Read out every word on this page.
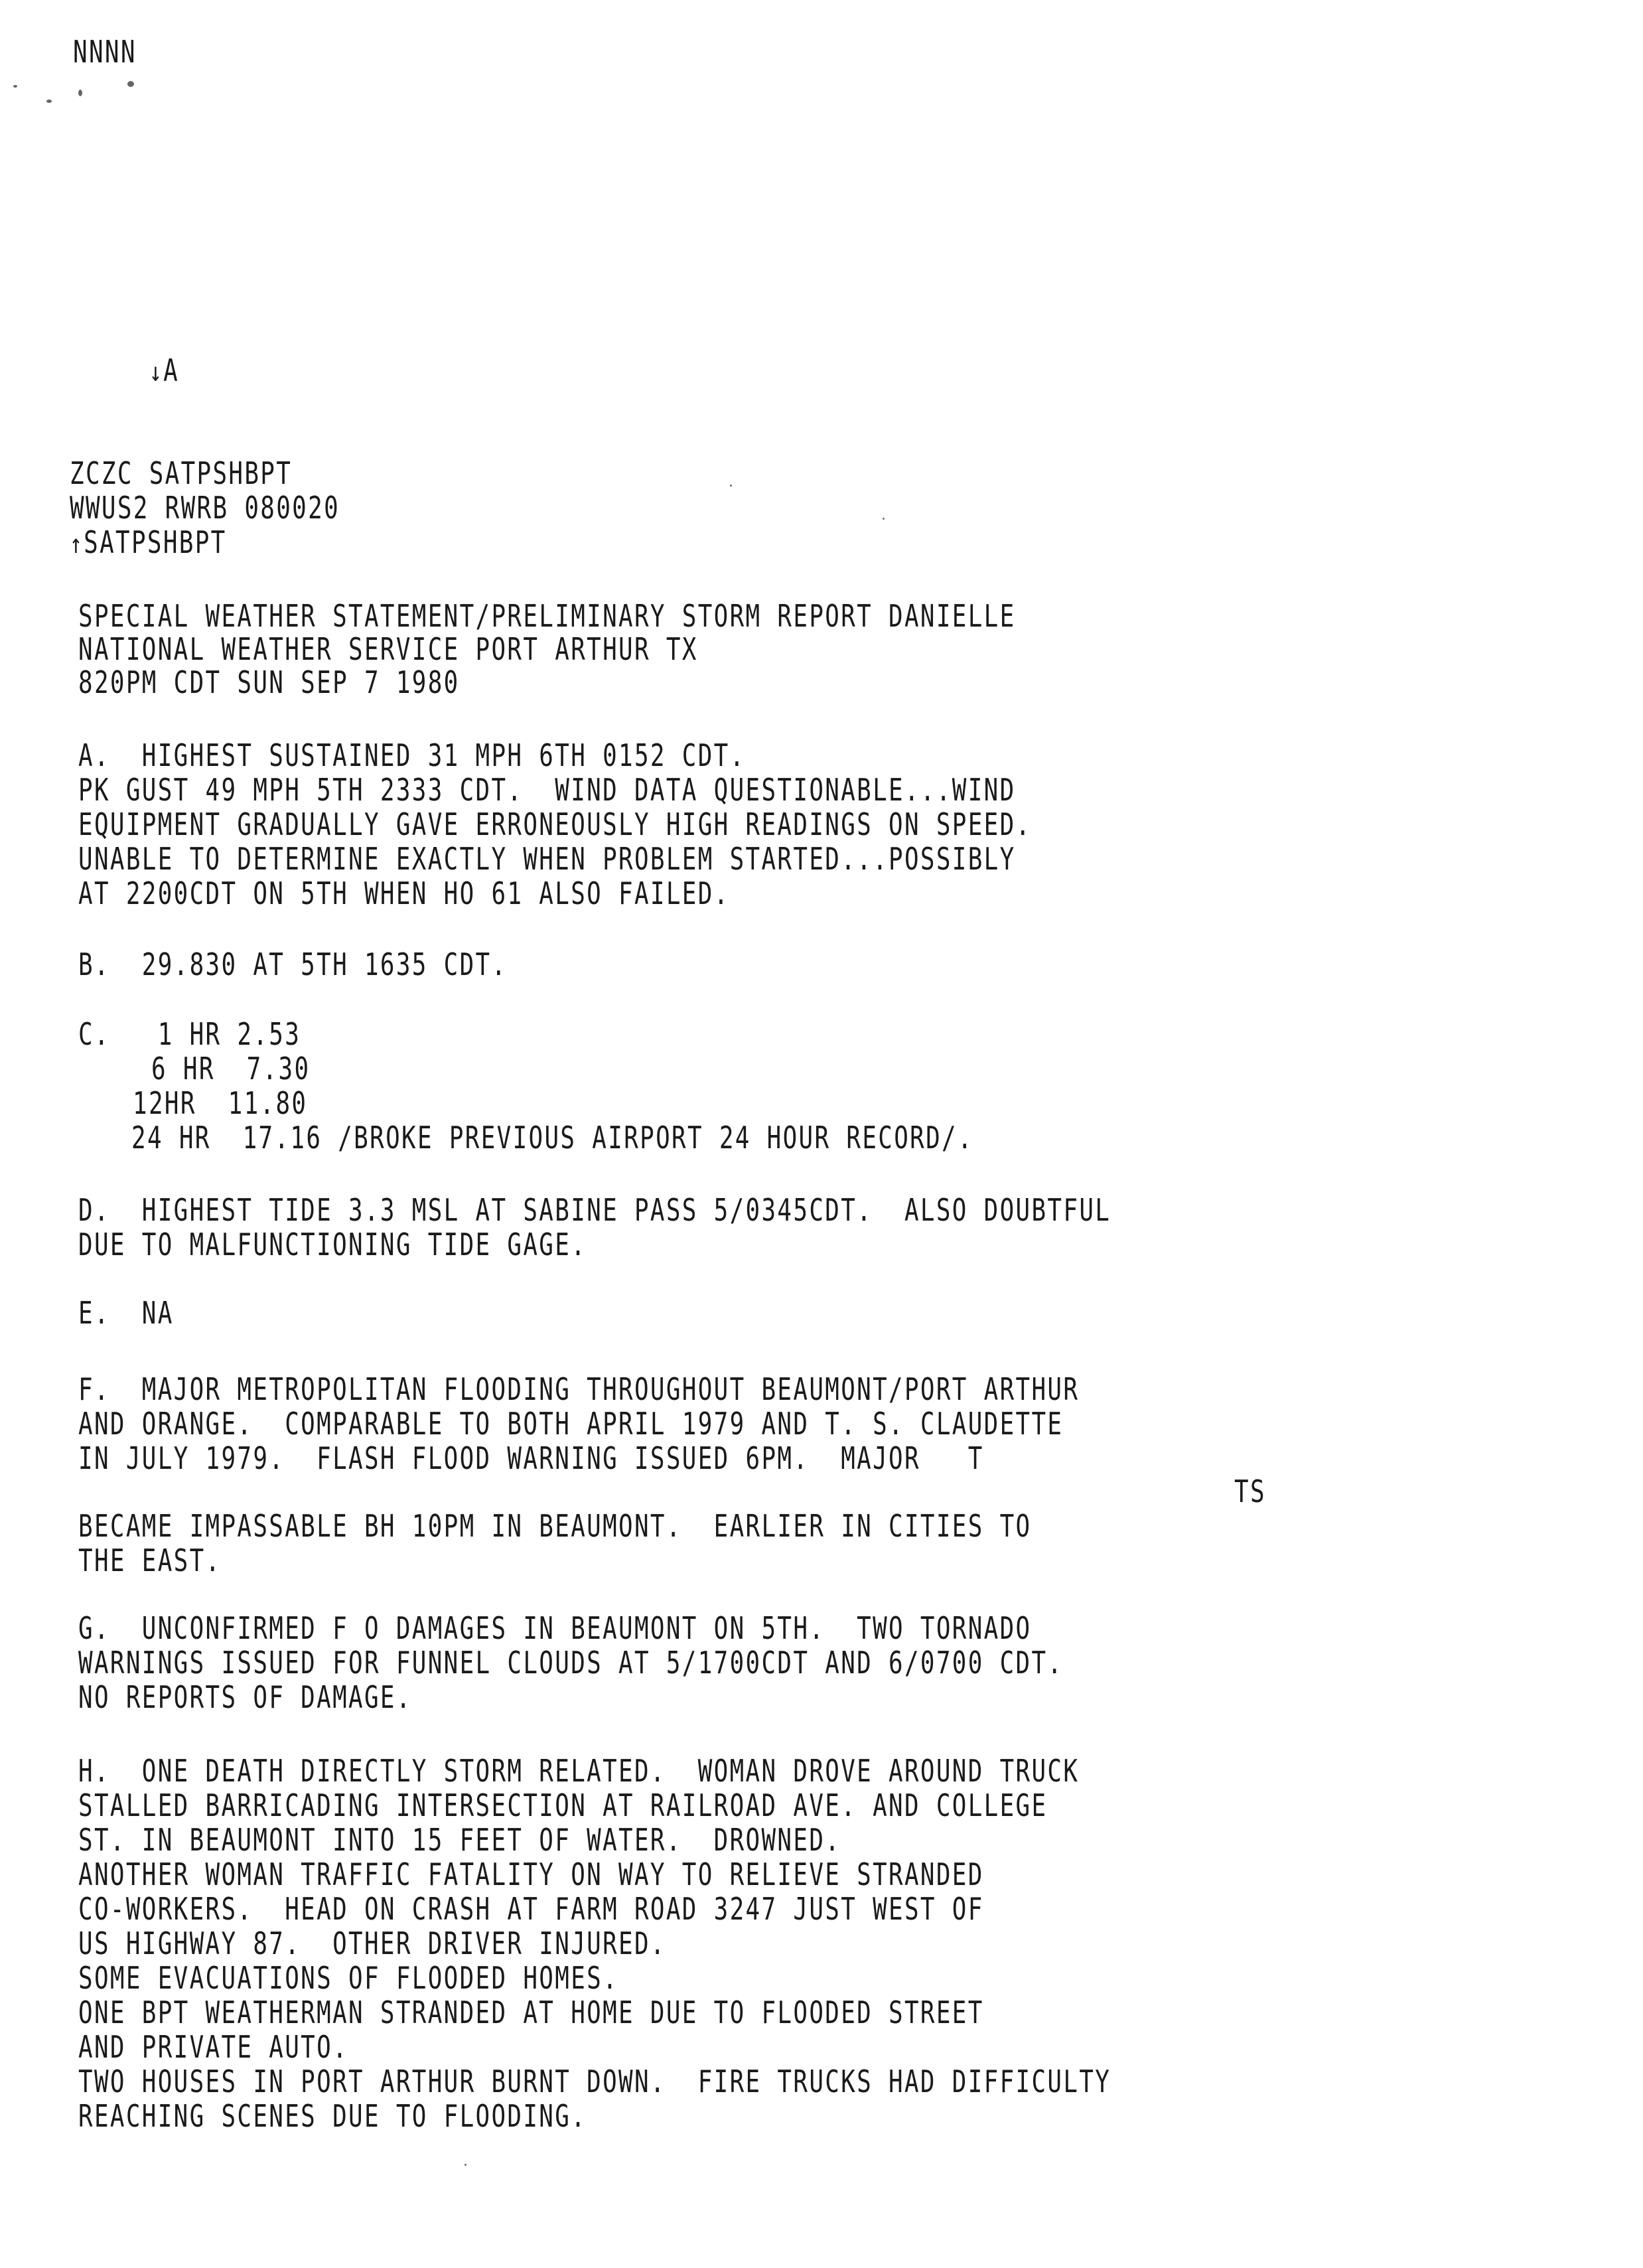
NNNN
↓A
ZCZC SATPSHBPT
WWUS2 RWRB 080020
↑SATPSHBPT
SPECIAL WEATHER STATEMENT/PRELIMINARY STORM REPORT DANIELLE
NATIONAL WEATHER SERVICE PORT ARTHUR TX
820PM CDT SUN SEP 7 1980
A.  HIGHEST SUSTAINED 31 MPH 6TH 0152 CDT.
PK GUST 49 MPH 5TH 2333 CDT.  WIND DATA QUESTIONABLE...WIND
EQUIPMENT GRADUALLY GAVE ERRONEOUSLY HIGH READINGS ON SPEED.
UNABLE TO DETERMINE EXACTLY WHEN PROBLEM STARTED...POSSIBLY
AT 2200CDT ON 5TH WHEN HO 61 ALSO FAILED.
B.  29.830 AT 5TH 1635 CDT.
C.   1 HR 2.53
6 HR  7.30
12HR  11.80
24 HR  17.16 /BROKE PREVIOUS AIRPORT 24 HOUR RECORD/.
D.  HIGHEST TIDE 3.3 MSL AT SABINE PASS 5/0345CDT.  ALSO DOUBTFUL
DUE TO MALFUNCTIONING TIDE GAGE.
E.  NA
F.  MAJOR METROPOLITAN FLOODING THROUGHOUT BEAUMONT/PORT ARTHUR
AND ORANGE.  COMPARABLE TO BOTH APRIL 1979 AND T. S. CLAUDETTE
IN JULY 1979.  FLASH FLOOD WARNING ISSUED 6PM.  MAJOR   T
TS
BECAME IMPASSABLE BH 10PM IN BEAUMONT.  EARLIER IN CITIES TO
THE EAST.
G.  UNCONFIRMED F O DAMAGES IN BEAUMONT ON 5TH.  TWO TORNADO
WARNINGS ISSUED FOR FUNNEL CLOUDS AT 5/1700CDT AND 6/0700 CDT.
NO REPORTS OF DAMAGE.
H.  ONE DEATH DIRECTLY STORM RELATED.  WOMAN DROVE AROUND TRUCK
STALLED BARRICADING INTERSECTION AT RAILROAD AVE. AND COLLEGE
ST. IN BEAUMONT INTO 15 FEET OF WATER.  DROWNED.
ANOTHER WOMAN TRAFFIC FATALITY ON WAY TO RELIEVE STRANDED
CO-WORKERS.  HEAD ON CRASH AT FARM ROAD 3247 JUST WEST OF
US HIGHWAY 87.  OTHER DRIVER INJURED.
SOME EVACUATIONS OF FLOODED HOMES.
ONE BPT WEATHERMAN STRANDED AT HOME DUE TO FLOODED STREET
AND PRIVATE AUTO.
TWO HOUSES IN PORT ARTHUR BURNT DOWN.  FIRE TRUCKS HAD DIFFICULTY
REACHING SCENES DUE TO FLOODING.
